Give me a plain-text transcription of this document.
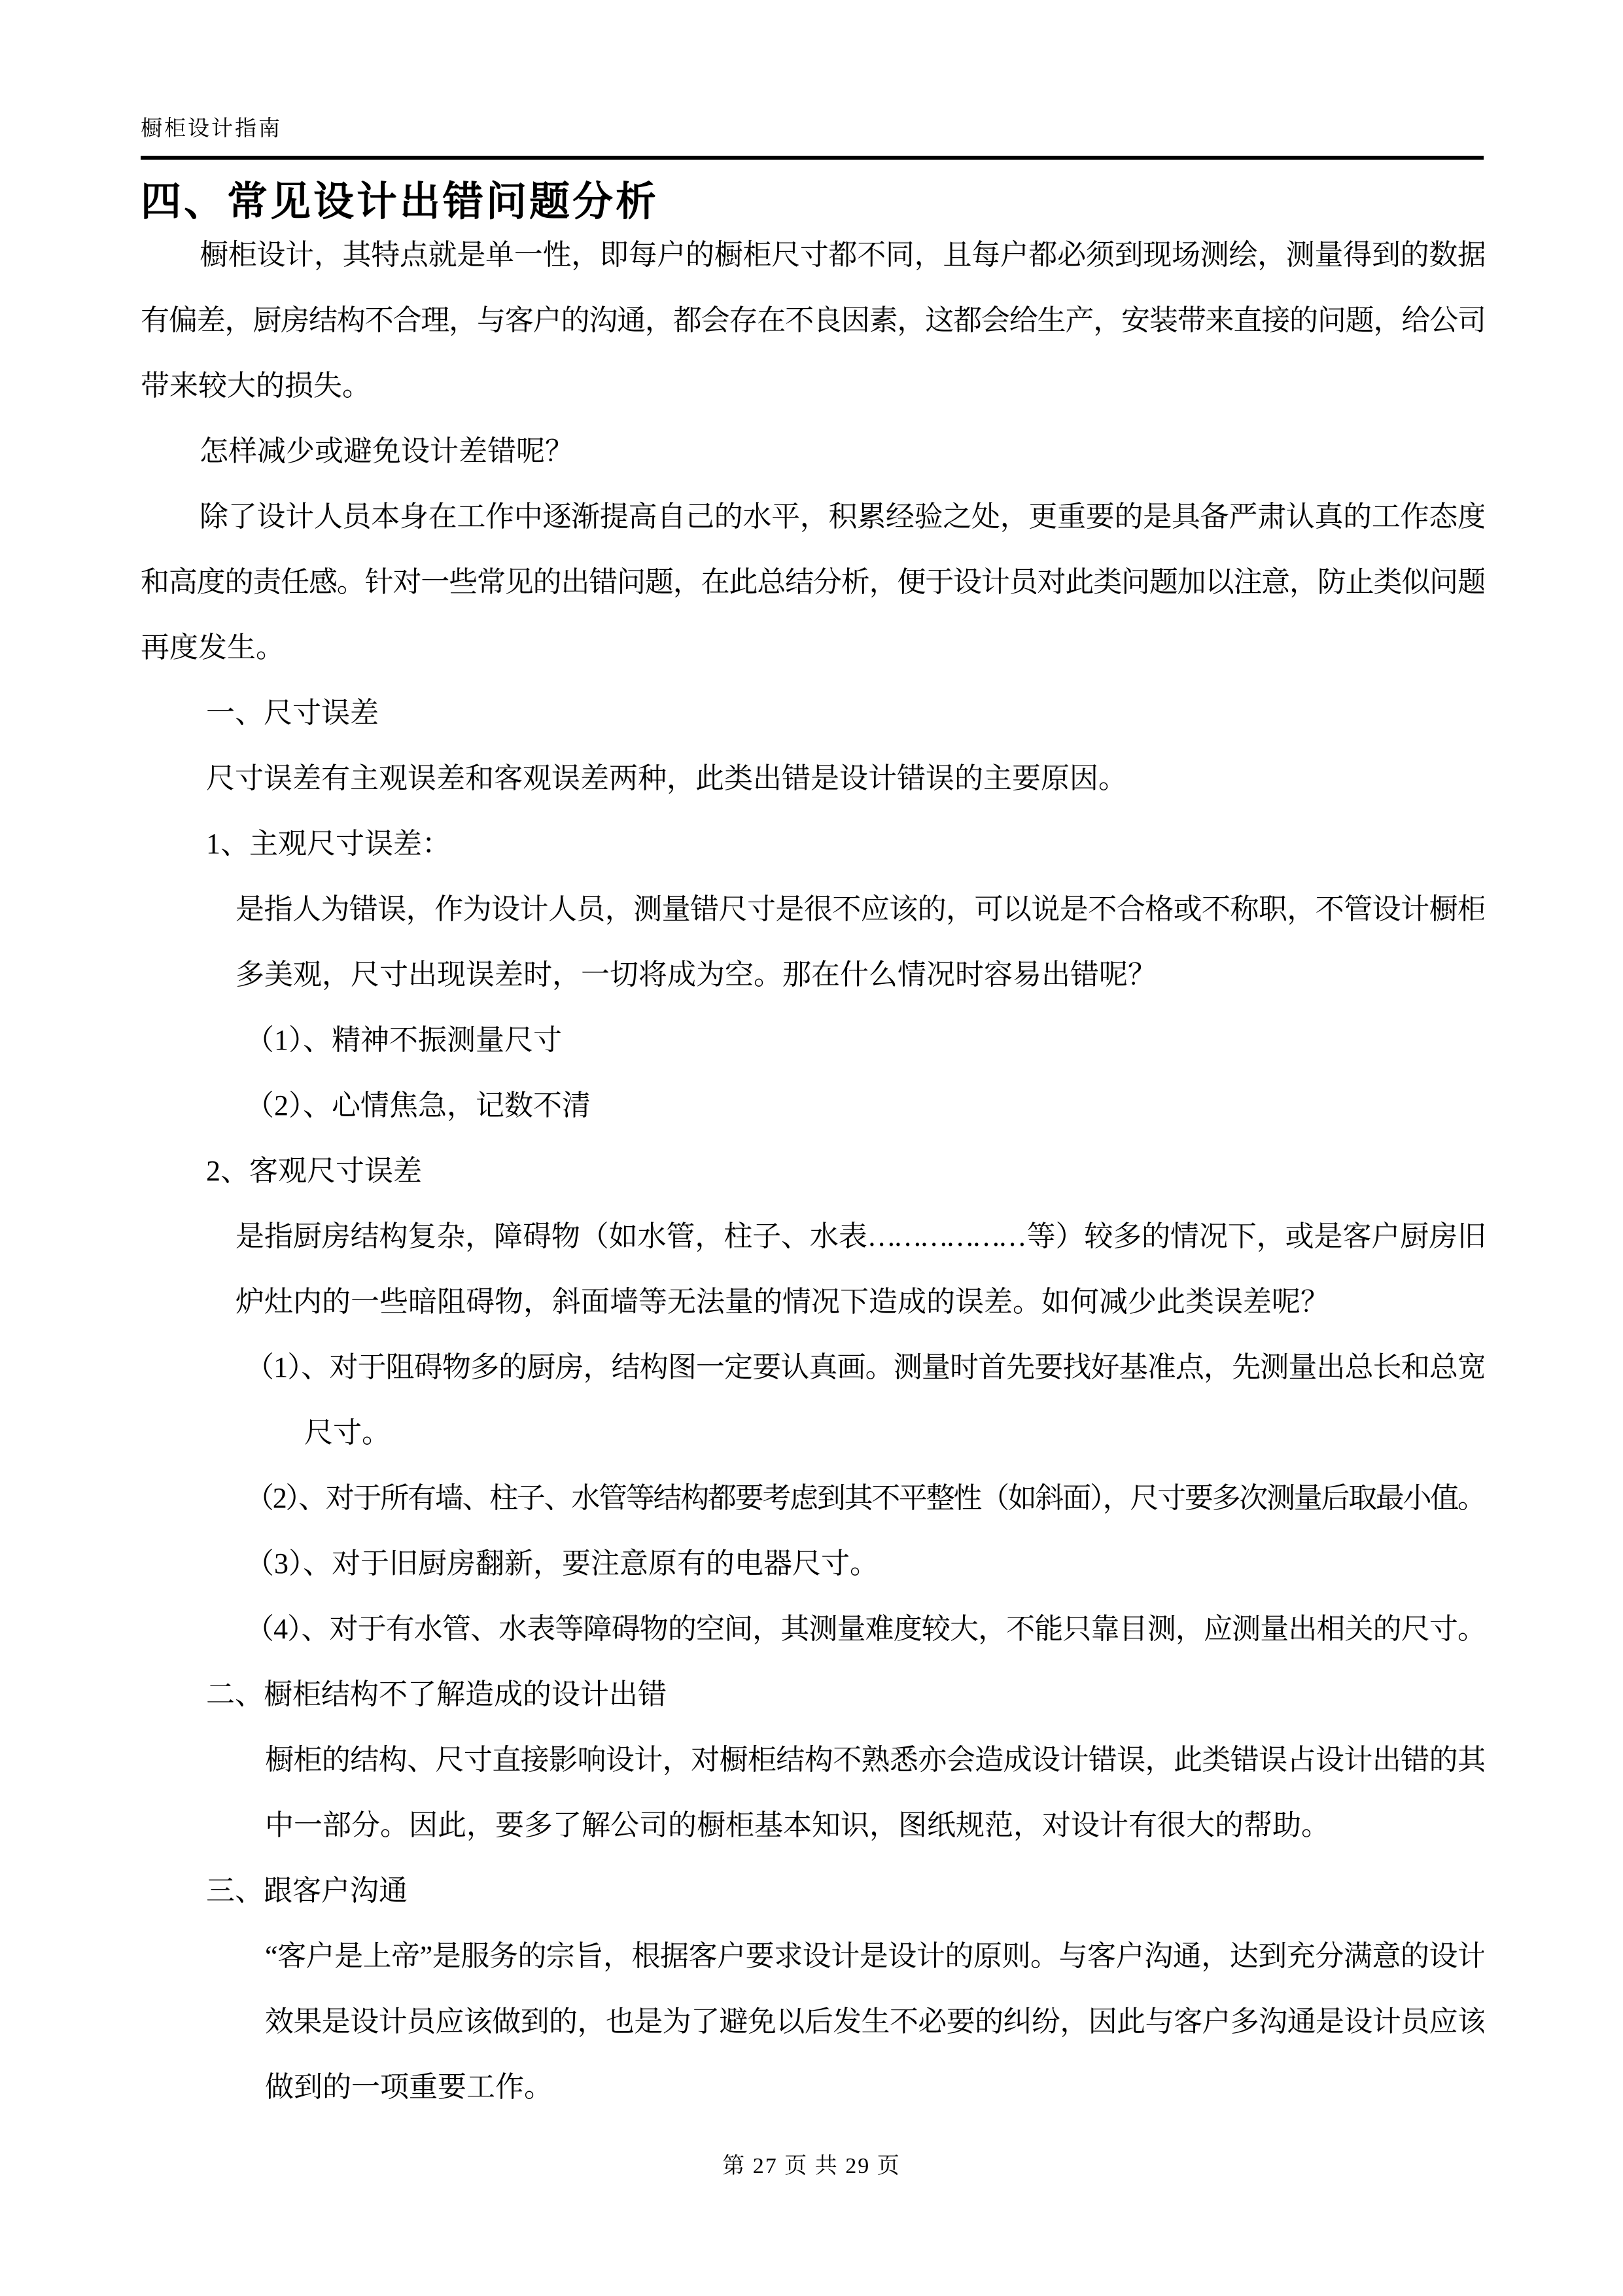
橱柜设计指南
四、常见设计出错问题分析
橱柜设计，其特点就是单一性，即每户的橱柜尺寸都不同，且每户都必须到现场测绘，测量得到的数据
有偏差，厨房结构不合理，与客户的沟通，都会存在不良因素，这都会给生产，安装带来直接的问题，给公司
带来较大的损失。
怎样减少或避免设计差错呢？
除了设计人员本身在工作中逐渐提高自己的水平，积累经验之处，更重要的是具备严肃认真的工作态度
和高度的责任感。针对一些常见的出错问题，在此总结分析，便于设计员对此类问题加以注意，防止类似问题
再度发生。
一、尺寸误差
尺寸误差有主观误差和客观误差两种，此类出错是设计错误的主要原因。
1、主观尺寸误差：
是指人为错误，作为设计人员，测量错尺寸是很不应该的，可以说是不合格或不称职，不管设计橱柜
多美观，尺寸出现误差时，一切将成为空。那在什么情况时容易出错呢？
（1）、精神不振测量尺寸
（2）、心情焦急，记数不清
2、客观尺寸误差
是指厨房结构复杂，障碍物（如水管，柱子、水表………………等）较多的情况下，或是客户厨房旧
炉灶内的一些暗阻碍物，斜面墙等无法量的情况下造成的误差。如何减少此类误差呢？
（1）、对于阻碍物多的厨房，结构图一定要认真画。测量时首先要找好基准点，先测量出总长和总宽
尺寸。
（2）、对于所有墙、柱子、水管等结构都要考虑到其不平整性（如斜面），尺寸要多次测量后取最小值。
（3）、对于旧厨房翻新，要注意原有的电器尺寸。
（4）、对于有水管、水表等障碍物的空间，其测量难度较大，不能只靠目测，应测量出相关的尺寸。
二、橱柜结构不了解造成的设计出错
橱柜的结构、尺寸直接影响设计，对橱柜结构不熟悉亦会造成设计错误，此类错误占设计出错的其
中一部分。因此，要多了解公司的橱柜基本知识，图纸规范，对设计有很大的帮助。
三、跟客户沟通
“客户是上帝”是服务的宗旨，根据客户要求设计是设计的原则。与客户沟通，达到充分满意的设计
效果是设计员应该做到的，也是为了避免以后发生不必要的纠纷，因此与客户多沟通是设计员应该
做到的一项重要工作。
第 27 页 共 29 页
